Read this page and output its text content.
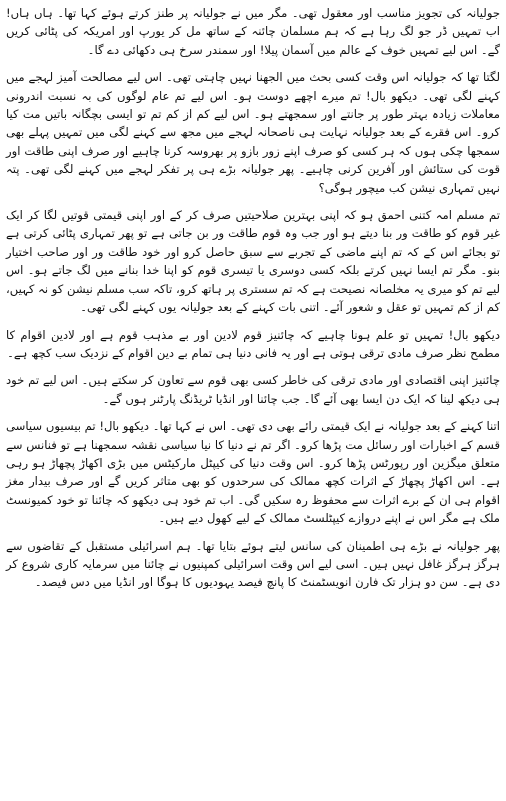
جولیانہ کی تجویز مناسب اور معقول تھی۔ مگر میں نے جولیانہ پر طنز کرتے ہوئے کہا تھا۔ ہاں ہاں! اب تمہیں ڈر جو لگ رہا ہے کہ ہم مسلمان چائنہ کے ساتھ مل کر یورپ اور امریکہ کی پٹائی کریں گے۔ اس لیے تمہیں خوف کے عالم میں آسمان پیلا! اور سمندر سرخ ہی دکھائی دے گا۔

لگتا تھا کہ جولیانہ اس وقت کسی بحث میں الجھنا نہیں چاہتی تھی۔ اس لیے مصالحت آمیز لہجے میں کہنے لگی تھی۔ دیکھو بال! تم میرے اچھے دوست ہو۔ اس لیے تم عام لوگوں کی بہ نسبت اندرونی معاملات زیادہ بہتر طور پر جانتے اور سمجھتے ہو۔ اس لیے کم از کم تم تو ایسی بچگانہ باتیں مت کیا کرو۔ اس فقرے کے بعد جولیانہ نہایت ہی ناصحانہ لہجے میں مجھ سے کہنے لگی میں تمہیں پہلے بھی سمجھا چکی ہوں کہ ہر کسی کو صرف اپنے زور بازو پر بھروسہ کرنا چاہیے اور صرف اپنی طاقت اور قوت کی ستائش اور آفرین کرنی چاہیے۔ پھر جولیانہ بڑے ہی پر تفکر لہجے میں کہنے لگی تھی۔ پتہ نہیں تمہاری نیشن کب میچور ہوگی؟

تم مسلم امہ کتنی احمق ہو کہ اپنی بہترین صلاحیتیں صرف کر کے اور اپنی قیمتی قوتیں لگا کر ایک غیر قوم کو طاقت ور بنا دیتے ہو اور جب وہ قوم طاقت ور بن جاتی ہے تو پھر تمہاری پٹائی کرتی ہے تو بجائے اس کے کہ تم اپنے ماضی کے تجربے سے سبق حاصل کرو اور خود طاقت ور اور صاحب اختیار بنو۔ مگر تم ایسا نہیں کرتے بلکہ کسی دوسری یا تیسری قوم کو اپنا خدا بنانے میں لگ جاتے ہو۔ اس لیے تم کو میری یہ مخلصانہ نصیحت ہے کہ تم سستری پر ہاتھ کرو، تاکہ سب مسلم نیشن کو نہ کہیں، کم از کم تمہیں تو عقل و شعور آئے۔ اتنی بات کہنے کے بعد جولیانہ یوں کہنے لگی تھی۔

دیکھو بال! تمہیں تو علم ہونا چاہیے کہ چائنیز قوم لادین اور بے مذہب قوم ہے اور لادین اقوام کا مطمح نظر صرف مادی ترقی ہوتی ہے اور یہ فانی دنیا ہی تمام بے دین اقوام کے نزدیک سب کچھ ہے۔

چائنیز اپنی اقتصادی اور مادی ترقی کی خاطر کسی بھی قوم سے تعاون کر سکتے ہیں۔ اس لیے تم خود ہی دیکھ لینا کہ ایک دن ایسا بھی آئے گا۔ جب چائنا اور انڈیا ٹریڈنگ پارٹنر ہوں گے۔

اتنا کہنے کے بعد جولیانہ نے ایک قیمتی رائے بھی دی تھی۔ اس نے کہا تھا۔ دیکھو بال! تم بیسیوں سیاسی قسم کے اخبارات اور رسائل مت پڑھا کرو۔ اگر تم نے دنیا کا نیا سیاسی نقشہ سمجھنا ہے تو فنانس سے متعلق میگزین اور رپورٹس پڑھا کرو۔ اس وقت دنیا کی کیپٹل مارکیٹس میں بڑی اکھاڑ پچھاڑ ہو رہی ہے۔ اس اکھاڑ پچھاڑ کے اثرات کچھ ممالک کی سرحدوں کو بھی متاثر کریں گے اور صرف بیدار مغز اقوام ہی ان کے برے اثرات سے محفوظ رہ سکیں گی۔ اب تم خود ہی دیکھو کہ چائنا تو خود کمیونسٹ ملک ہے مگر اس نے اپنے دروازے کیپٹلسٹ ممالک کے لیے کھول دیے ہیں۔

پھر جولیانہ نے بڑے ہی اطمینان کی سانس لیتے ہوئے بتایا تھا۔ ہم اسرائیلی مستقبل کے تقاضوں سے ہرگز ہرگز غافل نہیں ہیں۔ اسی لیے اس وقت اسرائیلی کمپنیوں نے چائنا میں سرمایہ کاری شروع کر دی ہے۔ سن دو ہزار تک فارن انویسٹمنٹ کا پانچ فیصد یہودیوں کا ہوگا اور انڈیا میں دس فیصد۔
